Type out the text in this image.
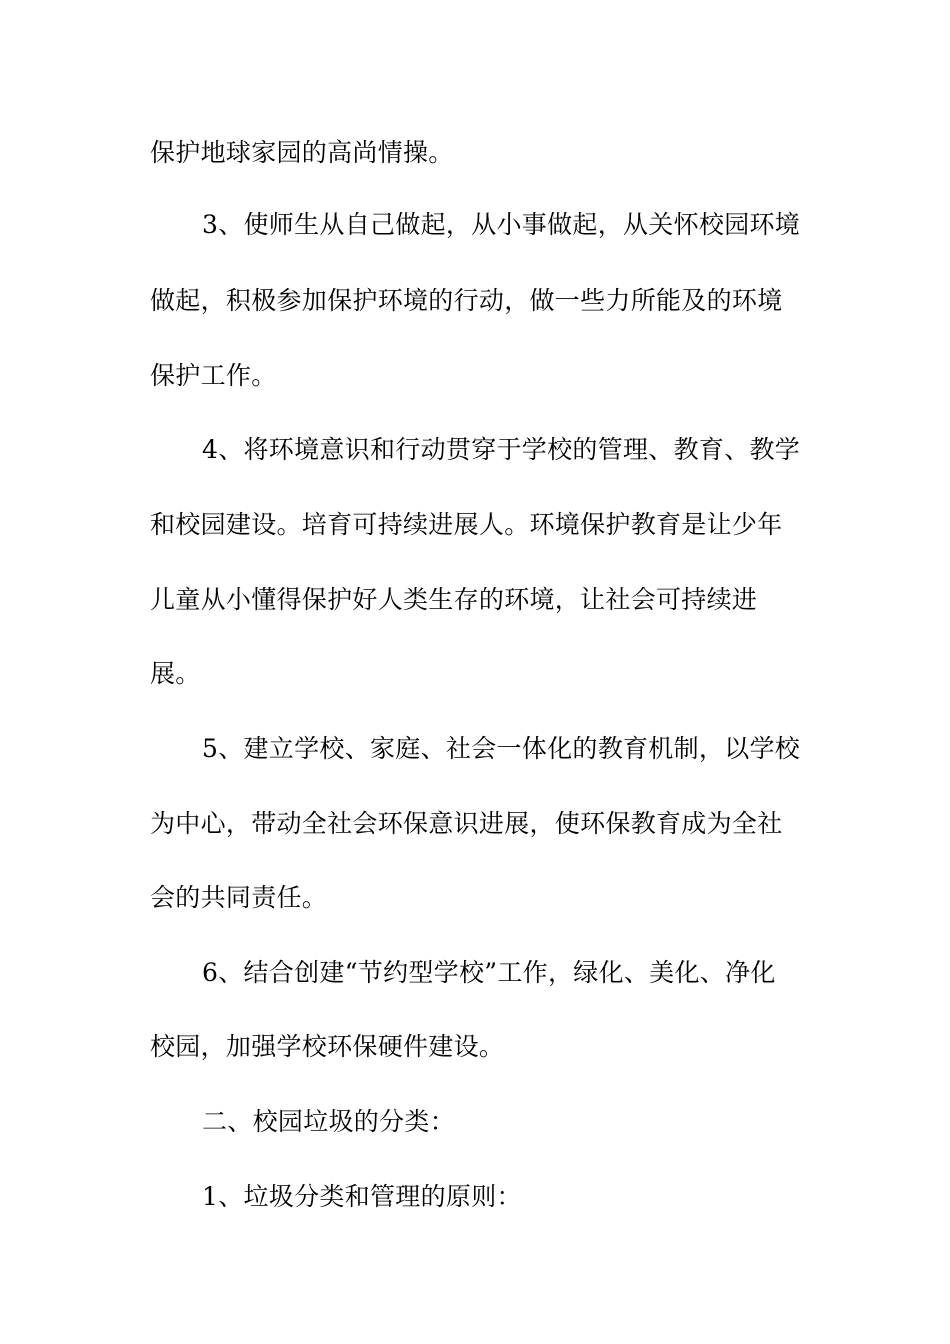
保护地球家园的高尚情操。
3、使师生从自己做起，从小事做起，从关怀校园环境
做起，积极参加保护环境的行动，做一些力所能及的环境
保护工作。
4、将环境意识和行动贯穿于学校的管理、教育、教学
和校园建设。培育可持续进展人。环境保护教育是让少年
儿童从小懂得保护好人类生存的环境，让社会可持续进
展。
5、建立学校、家庭、社会一体化的教育机制，以学校
为中心，带动全社会环保意识进展，使环保教育成为全社
会的共同责任。
6、结合创建“节约型学校”工作，绿化、美化、净化
校园，加强学校环保硬件建设。
二、校园垃圾的分类：
1、垃圾分类和管理的原则：
